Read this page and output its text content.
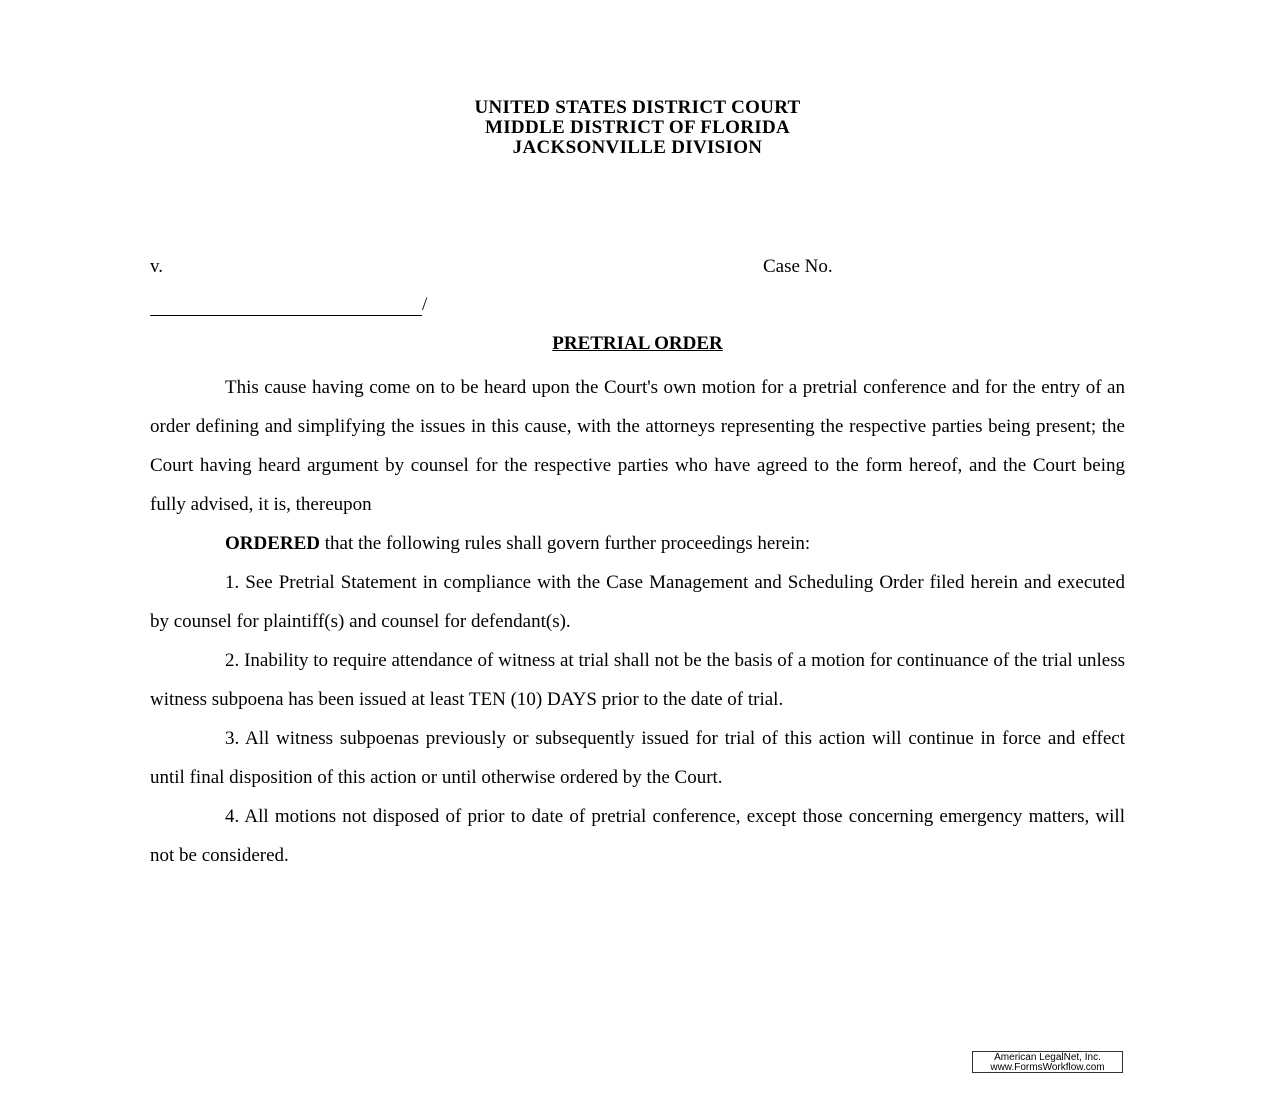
UNITED STATES DISTRICT COURT
MIDDLE DISTRICT OF FLORIDA
JACKSONVILLE DIVISION
v.	Case No.
/
PRETRIAL ORDER

This cause having come on to be heard upon the Court's own motion for a pretrial conference and for the entry of an order defining and simplifying the issues in this cause, with the attorneys representing the respective parties being present; the Court having heard argument by counsel for the respective parties who have agreed to the form hereof, and the Court being fully advised, it is, thereupon

ORDERED that the following rules shall govern further proceedings herein:

1. See Pretrial Statement in compliance with the Case Management and Scheduling Order filed herein and executed by counsel for plaintiff(s) and counsel for defendant(s).

2. Inability to require attendance of witness at trial shall not be the basis of a motion for continuance of the trial unless witness subpoena has been issued at least TEN (10) DAYS prior to the date of trial.

3. All witness subpoenas previously or subsequently issued for trial of this action will continue in force and effect until final disposition of this action or until otherwise ordered by the Court.

4. All motions not disposed of prior to date of pretrial conference, except those concerning emergency matters, will not be considered.

American LegalNet, Inc.
www.FormsWorkflow.com
